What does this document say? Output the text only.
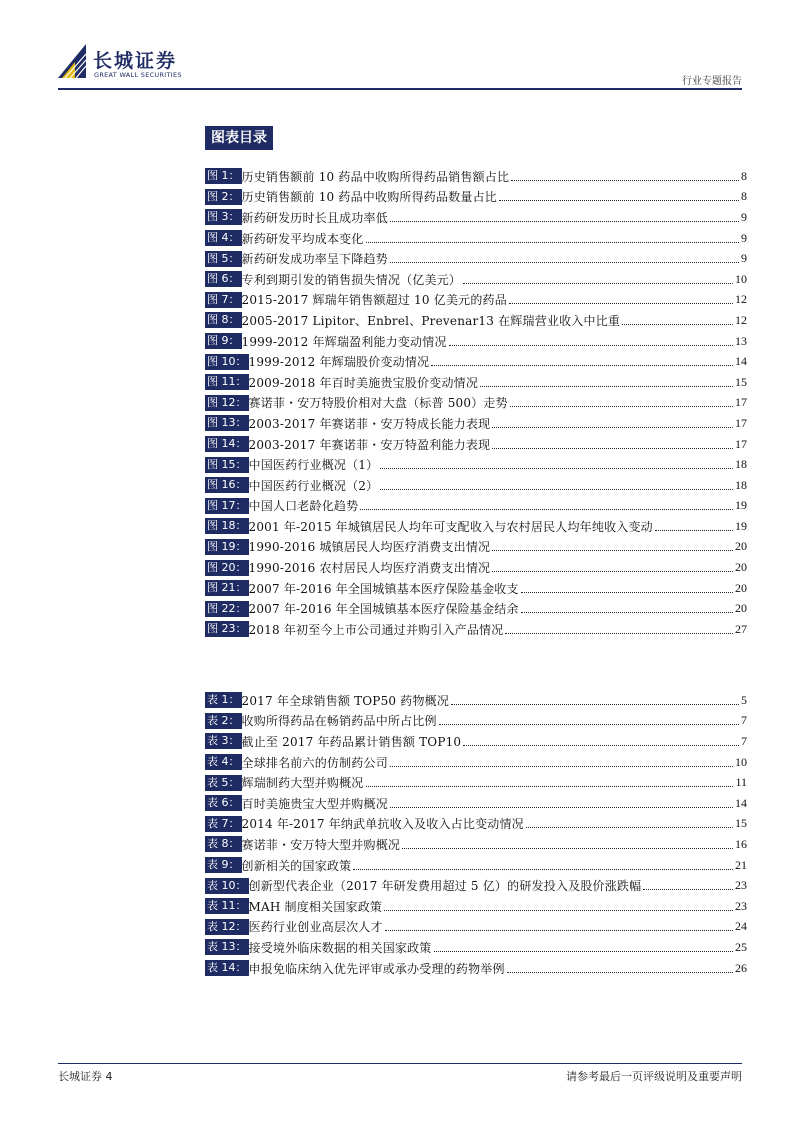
长城证券
GREAT WALL SECURITIES
行业专题报告
图表目录
图 1： 历史销售额前 10 药品中收购所得药品销售额占比	8
图 2： 历史销售额前 10 药品中收购所得药品数量占比	8
图 3： 新药研发历时长且成功率低	9
图 4： 新药研发平均成本变化	9
图 5： 新药研发成功率呈下降趋势	9
图 6： 专利到期引发的销售损失情况（亿美元）	10
图 7： 2015-2017 辉瑞年销售额超过 10 亿美元的药品	12
图 8： 2005-2017 Lipitor、Enbrel、Prevenar13 在辉瑞营业收入中比重	12
图 9： 1999-2012 年辉瑞盈利能力变动情况	13
图 10： 1999-2012 年辉瑞股价变动情况	14
图 11： 2009-2018 年百时美施贵宝股价变动情况	15
图 12： 赛诺菲・安万特股价相对大盘（标普 500）走势	17
图 13： 2003-2017 年赛诺菲・安万特成长能力表现	17
图 14： 2003-2017 年赛诺菲・安万特盈利能力表现	17
图 15： 中国医药行业概况（1）	18
图 16： 中国医药行业概况（2）	18
图 17： 中国人口老龄化趋势	19
图 18： 2001 年-2015 年城镇居民人均年可支配收入与农村居民人均年纯收入变动	19
图 19： 1990-2016 城镇居民人均医疗消费支出情况	20
图 20： 1990-2016 农村居民人均医疗消费支出情况	20
图 21： 2007 年-2016 年全国城镇基本医疗保险基金收支	20
图 22： 2007 年-2016 年全国城镇基本医疗保险基金结余	20
图 23： 2018 年初至今上市公司通过并购引入产品情况	27
表 1： 2017 年全球销售额 TOP50 药物概况	5
表 2： 收购所得药品在畅销药品中所占比例	7
表 3： 截止至 2017 年药品累计销售额 TOP10	7
表 4： 全球排名前六的仿制药公司	10
表 5： 辉瑞制药大型并购概况	11
表 6： 百时美施贵宝大型并购概况	14
表 7： 2014 年-2017 年纳武单抗收入及收入占比变动情况	15
表 8： 赛诺菲・安万特大型并购概况	16
表 9： 创新相关的国家政策	21
表 10： 创新型代表企业（2017 年研发费用超过 5 亿）的研发投入及股价涨跌幅	23
表 11： MAH 制度相关国家政策	23
表 12： 医药行业创业高层次人才	24
表 13： 接受境外临床数据的相关国家政策	25
表 14： 申报免临床纳入优先评审或承办受理的药物举例	26
长城证券 4	请参考最后一页评级说明及重要声明
